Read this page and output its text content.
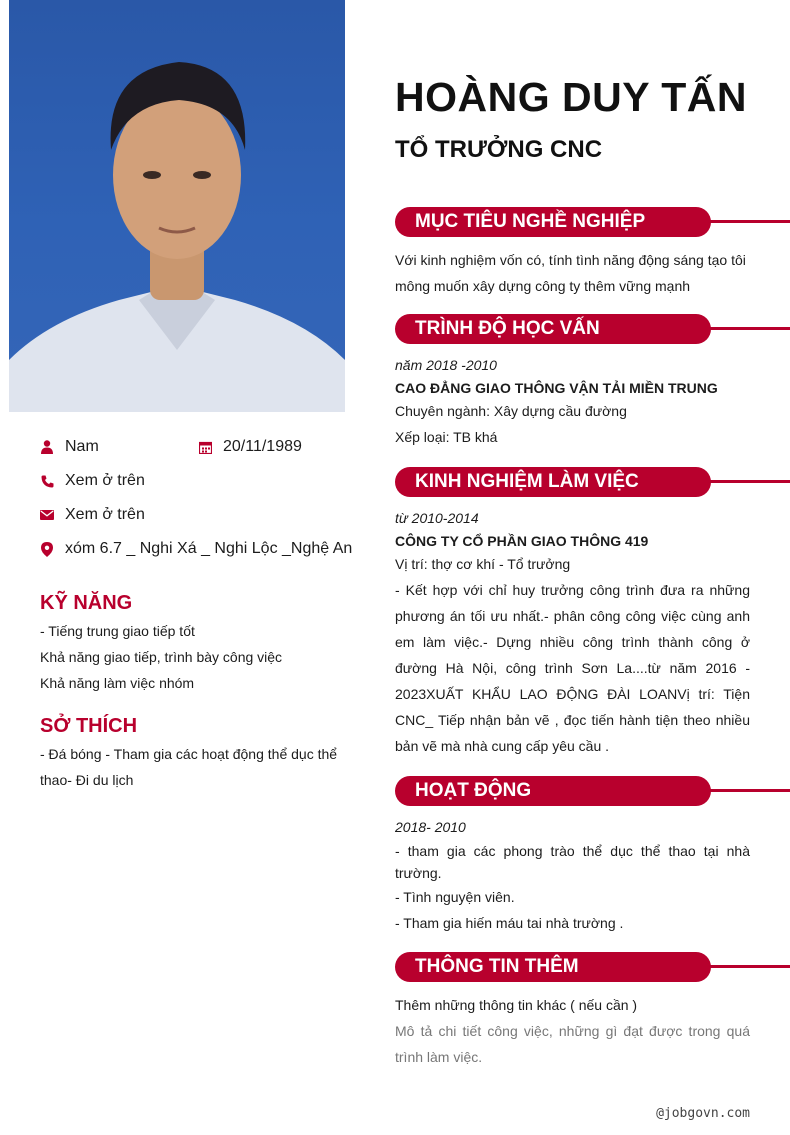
Nam	20/11/1989
Xem ở trên
Xem ở trên
xóm 6.7 _ Nghi Xá _ Nghi Lộc _Nghệ An
KỸ NĂNG
- Tiếng trung giao tiếp tốt
Khả năng giao tiếp, trình bày công việc
Khả năng làm việc nhóm
SỞ THÍCH
- Đá bóng - Tham gia các hoạt động thể dục thể thao- Đi du lịch
HOÀNG DUY TẤN
TỔ TRƯỞNG CNC
MỤC TIÊU NGHỀ NGHIỆP
Với kinh nghiệm vốn có, tính tình năng động sáng tạo tôi mông muốn xây dựng công ty thêm vững mạnh
TRÌNH ĐỘ HỌC VẤN
năm 2018 -2010
CAO ĐẲNG GIAO THÔNG VẬN TẢI MIỀN TRUNG
Chuyên ngành: Xây dựng cầu đường
Xếp loại: TB khá
KINH NGHIỆM LÀM VIỆC
từ 2010-2014
CÔNG TY CỔ PHẦN GIAO THÔNG 419
Vị trí: thợ cơ khí - Tổ trưởng
- Kết hợp với chỉ huy trưởng công trình đưa ra những phương án tối ưu nhất.- phân công công việc cùng anh em làm việc.- Dựng nhiều công trình thành công ở đường Hà Nội, công trình Sơn La....từ năm 2016 - 2023XUẤT KHẨU LAO ĐỘNG ĐÀI LOANVị trí: Tiện CNC_ Tiếp nhận bản vẽ , đọc tiến hành tiện theo nhiều bản vẽ mà nhà cung cấp yêu cầu .
HOẠT ĐỘNG
2018- 2010
- tham gia các phong trào thể dục thể thao tại nhà trường.
- Tình nguyện viên.
- Tham gia hiến máu tai nhà trường .
THÔNG TIN THÊM
Thêm những thông tin khác ( nếu cần )
Mô tả chi tiết công việc, những gì đạt được trong quá trình làm việc.
@jobgovn.com
